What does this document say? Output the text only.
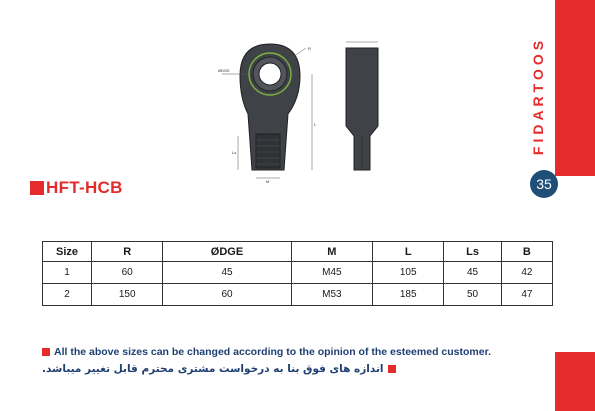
FIDARTOOS
35
R
ØDGE
Ls
L
M
HFT-HCB
Size	R	ØDGE	M	L	Ls	B
1	60	45	M45	105	45	42
2	150	60	M53	185	50	47
All the above sizes can be changed according to the opinion of the esteemed customer.
اندازه های فوق بنا به درخواست مشتری محترم قابل تغییر میباشد.
